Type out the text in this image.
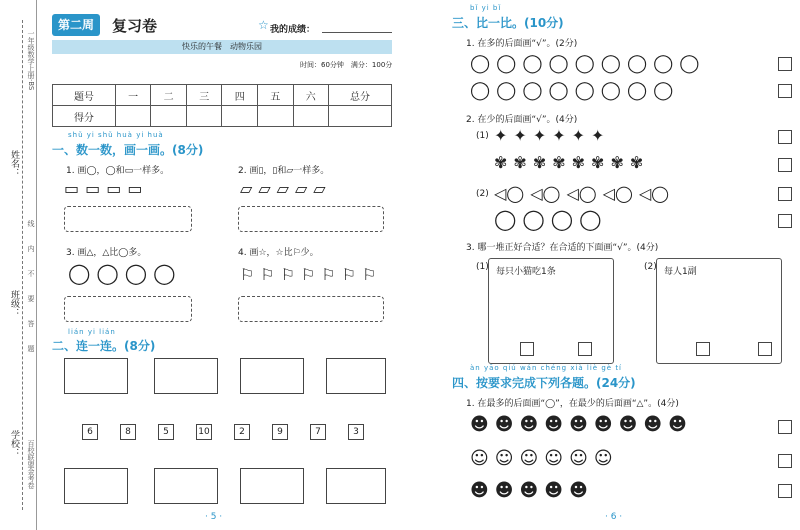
姓名：
班级：
学校：
一年级数学上册·BS
线内不要答题
百校联盟金考卷
第二周	复习卷	☆ 我的成绩：
快乐的午餐　动物乐园
时间：60分钟　满分：100分
题号	一	二	三	四	五	六	总分
得分							
shǔ yi shǔ huà yi huà
一、数一数，画一画。(8分)
1. 画◯，◯和▭一样多。	2. 画▯，▯和▱一样多。
▭ ▭ ▭ ▭	▱ ▱ ▱ ▱ ▱
3. 画△，△比◯多。	4. 画☆，☆比⚐少。
◯ ◯ ◯ ◯	⚐ ⚐ ⚐ ⚐ ⚐ ⚐ ⚐
lián yi lián
二、连一连。(8分)
6	8	5	10	2	9	7	3
· 5 ·
bǐ yi bǐ
三、比一比。(10分)
1. 在多的后面画“√”。(2分)
◯ ◯ ◯ ◯ ◯ ◯ ◯ ◯ ◯
◯ ◯ ◯ ◯ ◯ ◯ ◯ ◯
2. 在少的后面画“√”。(4分)
(1) ✦ ✦ ✦ ✦ ✦ ✦
✾ ✾ ✾ ✾ ✾ ✾ ✾ ✾
(2) ◁◯ ◁◯ ◁◯ ◁◯ ◁◯
◯ ◯ ◯ ◯
3. 哪一堆正好合适？在合适的下面画“√”。(4分)
(1) 每只小猫吃1条	(2) 每人1副
àn yāo qiú wán chéng xià liè gè tí
四、按要求完成下列各题。(24分)
1. 在最多的后面画“◯”，在最少的后面画“△”。(4分)
☻ ☻ ☻ ☻ ☻ ☻ ☻ ☻ ☻
☺ ☺ ☺ ☺ ☺ ☺
☻ ☻ ☻ ☻ ☻
· 6 ·
